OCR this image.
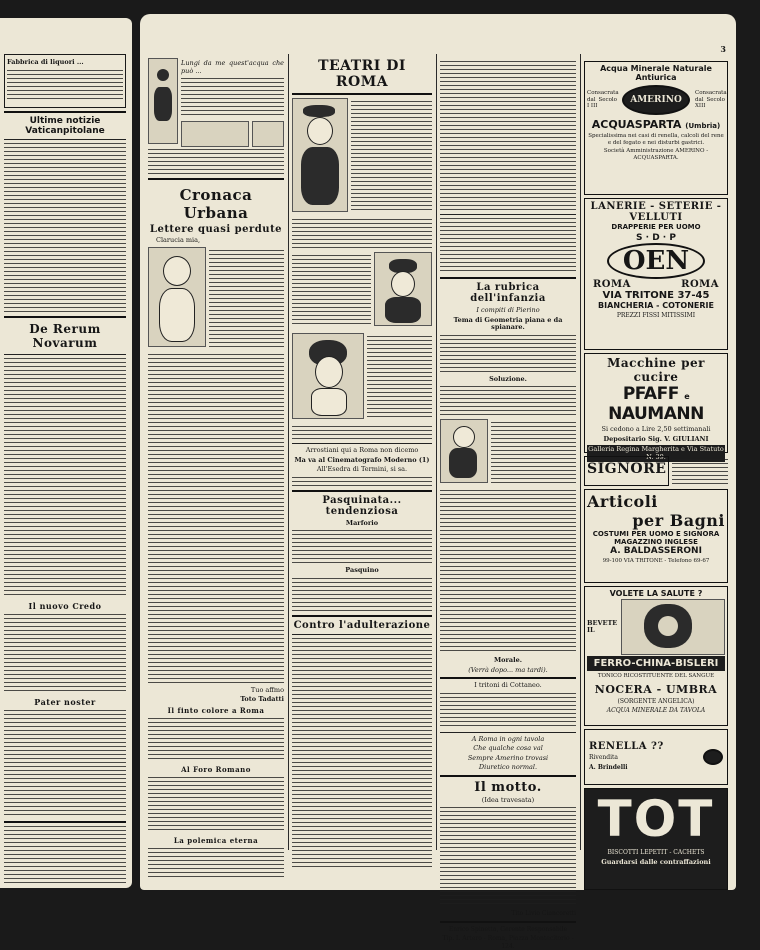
Fabbrica di liquori ...
Ultime notizie Vaticanpitolane
De Rerum Novarum
Il nuovo Credo
Pater noster
3
Lungi da me quest'acqua che può ...
Cronaca Urbana
Lettere quasi perdute
Clarucia mia,
Tuo affmo
Toto Tadatti
Il finto colore a Roma
Al Foro Romano
La polemica eterna
TEATRI DI ROMA
Arrostiani qui a Roma non dicemo
Ma va al Cinematografo Moderno (1)
All'Esedra di Termini, si sa.
Pasquinata... tendenziosa
Marforio
Pasquino
Contro l'adulterazione
La rubrica dell'infanzia
I compiti di Pierino
Tema di Geometria piana e da spianare.
Soluzione.
Morale.
(Verrà dopo... ma tardi).
I tritoni di Cottaneo.
A Roma in ogni tavola
Che qualche cosa val
Sempre Amerino trovasi
Diuretico normal.
Il motto.
(Idea travesata)
Tito Livio Ciancoretti
Enrico Spinetta, Gerente Responsabile
Tip. I. Artero - Roma, Piazza Montecitorio - 124.
Acqua Minerale Naturale Antiurica
Consacrata dal Secolo I III
AMERINO
Consacrata dal Secolo XIII
ACQUASPARTA (Umbria)
Specialissima nei casi di renella, calcoli del rene e del fegato e nei disturbi gastrici.
Società Amministrazione AMERINO - ACQUASPARTA.
LANERIE - SETERIE - VELLUTI
DRAPPERIE PER UOMO
S · D · P
OEN
ROMA	ROMA
VIA TRITONE 37-45
BIANCHERIA - COTONERIE
PREZZI FISSI MITISSIMI
Macchine per cucire
PFAFF e NAUMANN
Si cedono a Lire 2,50 settimanali
Depositario Sig. V. GIULIANI
Galleria Regina Margherita e Via Statuto N. 39.
SIGNORE
Articoli
per Bagni
COSTUMI PER UOMO E SIGNORA
MAGAZZINO INGLESE
A. BALDASSERONI
99-100 VIA TRITONE - Telefono 69-67
VOLETE LA SALUTE ?
BEVETE IL
FERRO-CHINA-BISLERI
TONICO RICOSTITUENTE DEL SANGUE
NOCERA - UMBRA
(SORGENTE ANGELICA)
ACQUA MINERALE DA TAVOLA
RENELLA ??
Rivendita
A. Brindelli
TOT
BISCOTTI LEPETIT - CACHETS
Guardarsi dalle contraffazioni
